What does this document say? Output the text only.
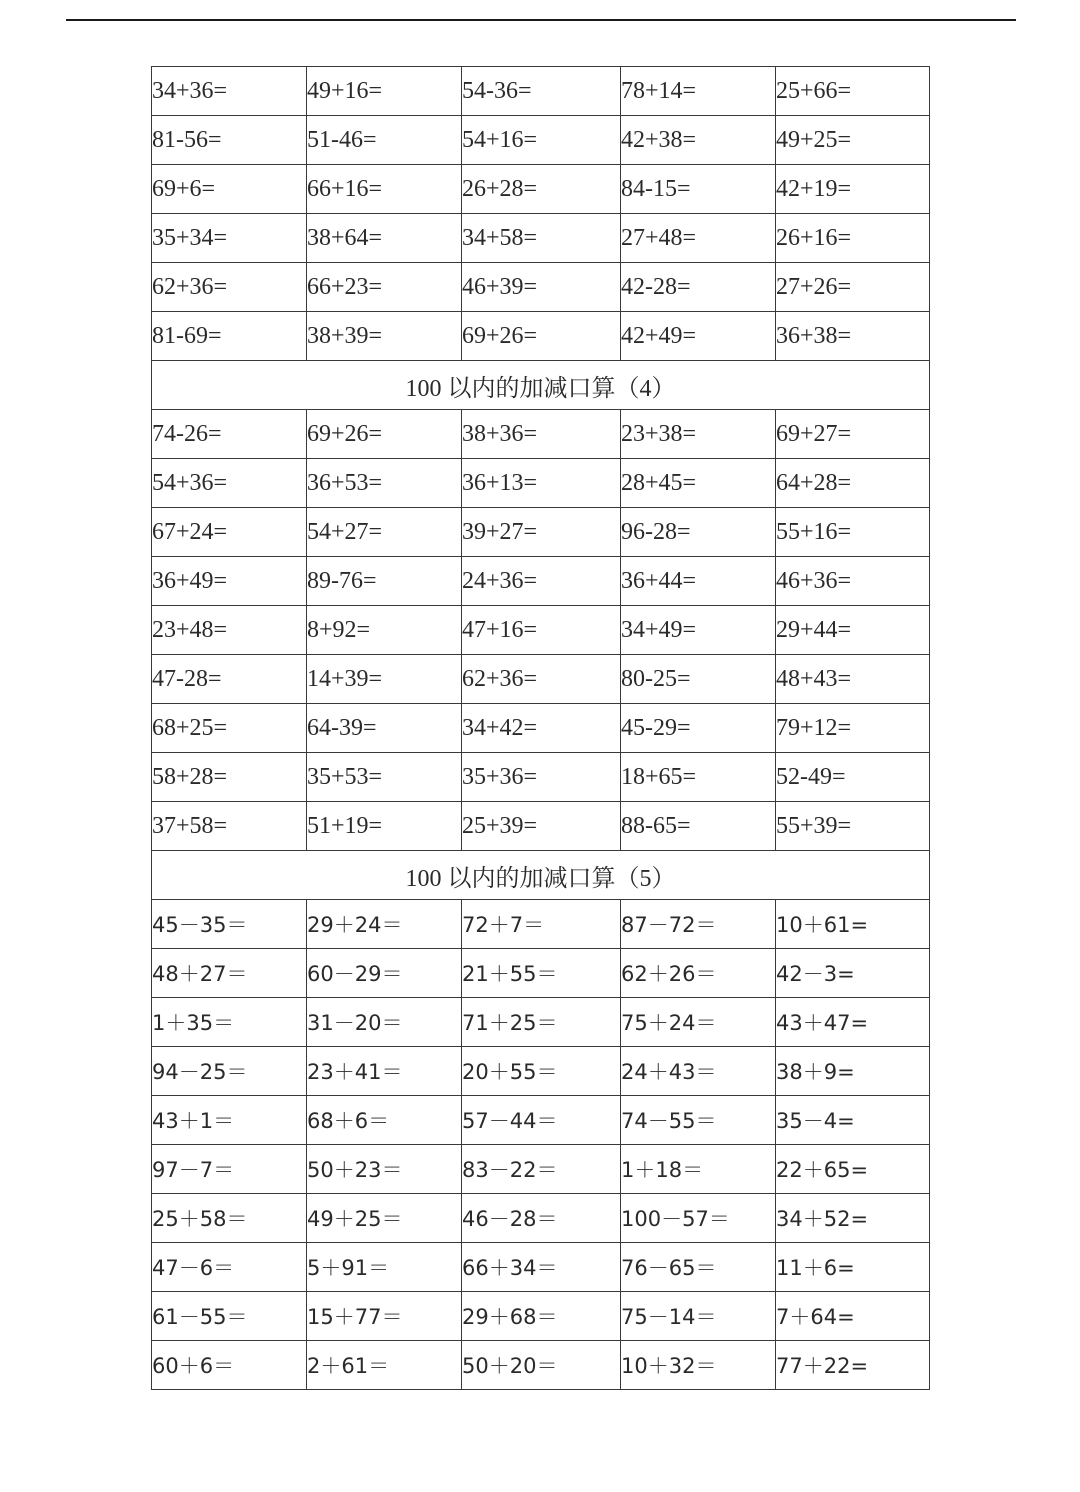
34+36=	49+16=	54-36=	78+14=	25+66=
81-56=	51-46=	54+16=	42+38=	49+25=
69+6=	66+16=	26+28=	84-15=	42+19=
35+34=	38+64=	34+58=	27+48=	26+16=
62+36=	66+23=	46+39=	42-28=	27+26=
81-69=	38+39=	69+26=	42+49=	36+38=
100 以内的加减口算（4）				
74-26=	69+26=	38+36=	23+38=	69+27=
54+36=	36+53=	36+13=	28+45=	64+28=
67+24=	54+27=	39+27=	96-28=	55+16=
36+49=	89-76=	24+36=	36+44=	46+36=
23+48=	8+92=	47+16=	34+49=	29+44=
47-28=	14+39=	62+36=	80-25=	48+43=
68+25=	64-39=	34+42=	45-29=	79+12=
58+28=	35+53=	35+36=	18+65=	52-49=
37+58=	51+19=	25+39=	88-65=	55+39=
100 以内的加减口算（5）				
45－35＝	29＋24＝	72＋7＝	87－72＝	10＋61=
48＋27＝	60－29＝	21＋55＝	62＋26＝	42－3=
1＋35＝	31－20＝	71＋25＝	75＋24＝	43＋47=
94－25＝	23＋41＝	20＋55＝	24＋43＝	38＋9=
43＋1＝	68＋6＝	57－44＝	74－55＝	35－4=
97－7＝	50＋23＝	83－22＝	1＋18＝	22＋65=
25＋58＝	49＋25＝	46－28＝	100－57＝	34＋52=
47－6＝	5＋91＝	66＋34＝	76－65＝	11＋6=
61－55＝	15＋77＝	29＋68＝	75－14＝	7＋64=
60＋6＝	2＋61＝	50＋20＝	10＋32＝	77＋22=
